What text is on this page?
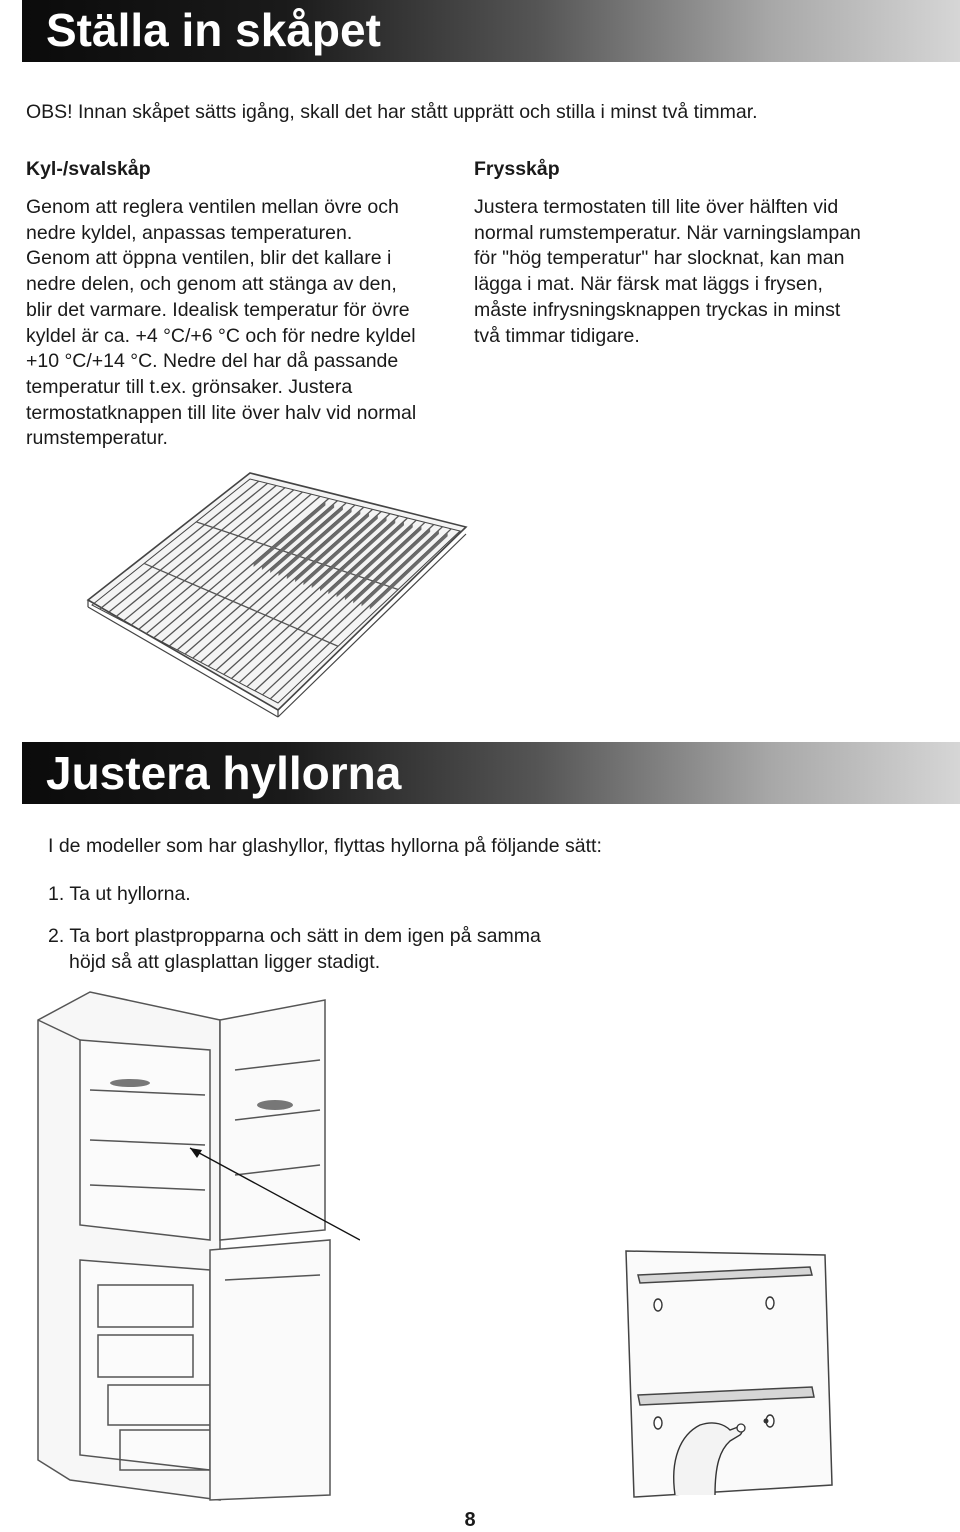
Ställa in skåpet
OBS! Innan skåpet sätts igång, skall det har stått upprätt och stilla i minst två timmar.
Kyl-/svalskåp

Genom att reglera ventilen mellan övre och
nedre kyldel, anpassas temperaturen.
Genom att öppna ventilen, blir det kallare i
nedre delen, och genom att stänga av den,
blir det varmare. Idealisk temperatur för övre
kyldel är ca. +4 °C/+6 °C och för nedre kyldel
+10 °C/+14 °C. Nedre del har då passande
temperatur till t.ex. grönsaker. Justera
termostatknappen till lite över halv vid normal
rumstemperatur.

Frysskåp

Justera termostaten till lite över hälften vid
normal rumstemperatur. När varningslampan
för "hög temperatur" har slocknat, kan man
lägga i mat. När färsk mat läggs i frysen,
måste infrysningsknappen tryckas in minst
två timmar tidigare.

Justera hyllorna
I de modeller som har glashyllor, flyttas hyllorna på följande sätt:
1. Ta ut hyllorna.
2. Ta bort plastpropparna och sätt in dem igen på samma höjd så att glasplattan ligger stadigt.
8
